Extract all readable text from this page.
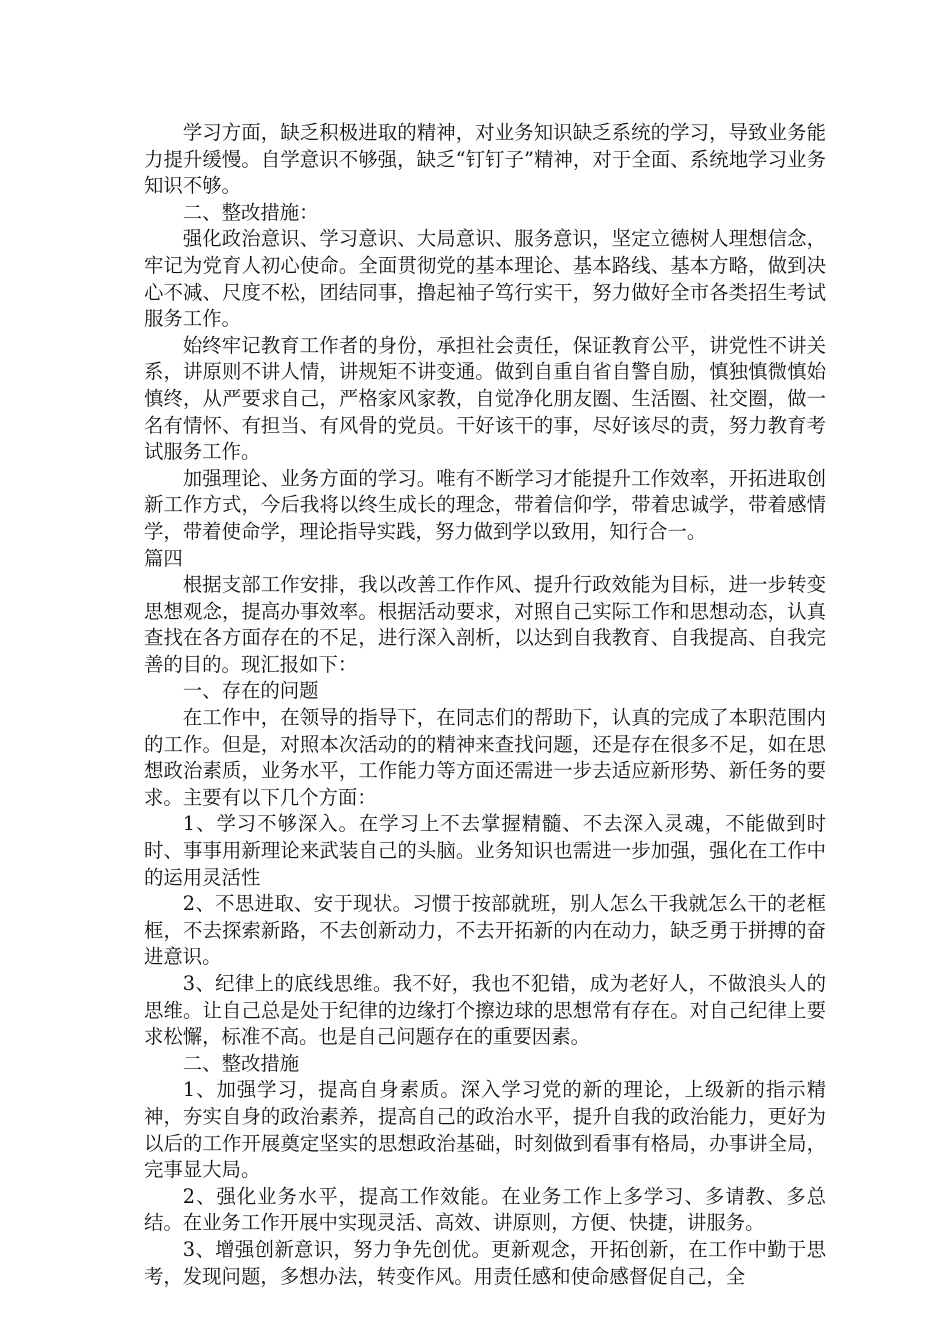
学习方面，缺乏积极进取的精神，对业务知识缺乏系统的学习，导致业务能力提升缓慢。自学意识不够强，缺乏“钉钉子”精神，对于全面、系统地学习业务知识不够。

二、整改措施：

强化政治意识、学习意识、大局意识、服务意识，坚定立德树人理想信念，牢记为党育人初心使命。全面贯彻党的基本理论、基本路线、基本方略，做到决心不减、尺度不松，团结同事，撸起袖子笃行实干，努力做好全市各类招生考试服务工作。

始终牢记教育工作者的身份，承担社会责任，保证教育公平，讲党性不讲关系，讲原则不讲人情，讲规矩不讲变通。做到自重自省自警自励，慎独慎微慎始慎终，从严要求自己，严格家风家教，自觉净化朋友圈、生活圈、社交圈，做一名有情怀、有担当、有风骨的党员。干好该干的事，尽好该尽的责，努力教育考试服务工作。

加强理论、业务方面的学习。唯有不断学习才能提升工作效率，开拓进取创新工作方式，今后我将以终生成长的理念，带着信仰学，带着忠诚学，带着感情学，带着使命学，理论指导实践，努力做到学以致用，知行合一。

篇四

根据支部工作安排，我以改善工作作风、提升行政效能为目标，进一步转变思想观念，提高办事效率。根据活动要求，对照自己实际工作和思想动态，认真查找在各方面存在的不足，进行深入剖析，以达到自我教育、自我提高、自我完善的目的。现汇报如下：

一、存在的问题

在工作中，在领导的指导下，在同志们的帮助下，认真的完成了本职范围内的工作。但是，对照本次活动的的精神来查找问题，还是存在很多不足，如在思想政治素质，业务水平，工作能力等方面还需进一步去适应新形势、新任务的要求。主要有以下几个方面：

1、学习不够深入。在学习上不去掌握精髓、不去深入灵魂，不能做到时时、事事用新理论来武装自己的头脑。业务知识也需进一步加强，强化在工作中的运用灵活性

2、不思进取、安于现状。习惯于按部就班，别人怎么干我就怎么干的老框框，不去探索新路，不去创新动力，不去开拓新的内在动力，缺乏勇于拼搏的奋进意识。

3、纪律上的底线思维。我不好，我也不犯错，成为老好人，不做浪头人的思维。让自己总是处于纪律的边缘打个擦边球的思想常有存在。对自己纪律上要求松懈，标准不高。也是自己问题存在的重要因素。

二、整改措施

1、加强学习，提高自身素质。深入学习党的新的理论，上级新的指示精神，夯实自身的政治素养，提高自己的政治水平，提升自我的政治能力，更好为以后的工作开展奠定坚实的思想政治基础，时刻做到看事有格局，办事讲全局，完事显大局。

2、强化业务水平，提高工作效能。在业务工作上多学习、多请教、多总结。在业务工作开展中实现灵活、高效、讲原则，方便、快捷，讲服务。

3、增强创新意识，努力争先创优。更新观念，开拓创新，在工作中勤于思考，发现问题，多想办法，转变作风。用责任感和使命感督促自己，全
